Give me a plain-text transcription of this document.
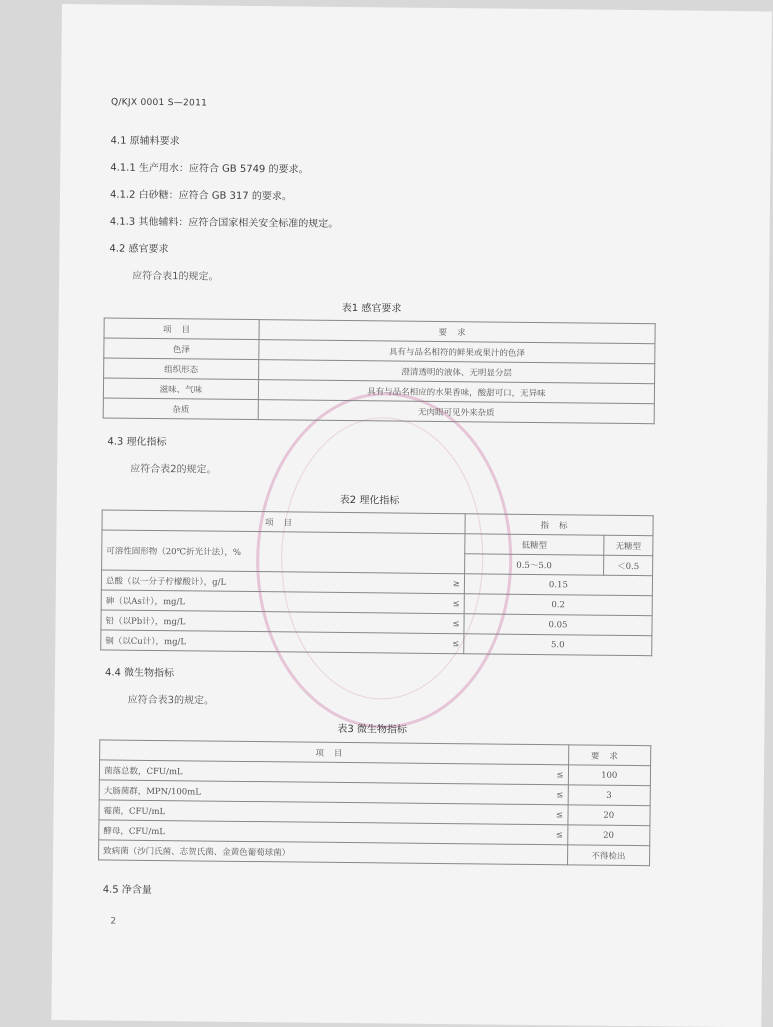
Q/KJX 0001 S—2011
4.1 原辅料要求
4.1.1 生产用水：应符合 GB 5749 的要求。
4.1.2 白砂糖：应符合 GB 317 的要求。
4.1.3 其他辅料：应符合国家相关安全标准的规定。
4.2 感官要求
应符合表1的规定。
表1 感官要求
项目	要求
色泽	具有与品名相符的鲜果或果汁的色泽
组织形态	澄清透明的液体、无明显分层
滋味、气味	具有与品名相应的水果香味，酸甜可口，无异味
杂质	无肉眼可见外来杂质
4.3 理化指标
应符合表2的规定。
表2 理化指标
项目		指标	
可溶性固形物（20℃折光计法），%		低糖型	无糖型
		0.5～5.0	＜0.5
总酸（以一分子柠檬酸计），g/L	≥	0.15	
砷（以As计），mg/L	≤	0.2	
铅（以Pb计），mg/L	≤	0.05	
铜（以Cu计），mg/L	≤	5.0	
4.4 微生物指标
应符合表3的规定。
表3 微生物指标
项目		要求
菌落总数，CFU/mL	≤	100
大肠菌群，MPN/100mL	≤	3
霉菌，CFU/mL	≤	20
酵母，CFU/mL	≤	20
致病菌（沙门氏菌、志贺氏菌、金黄色葡萄球菌）		不得检出
4.5 净含量
2
